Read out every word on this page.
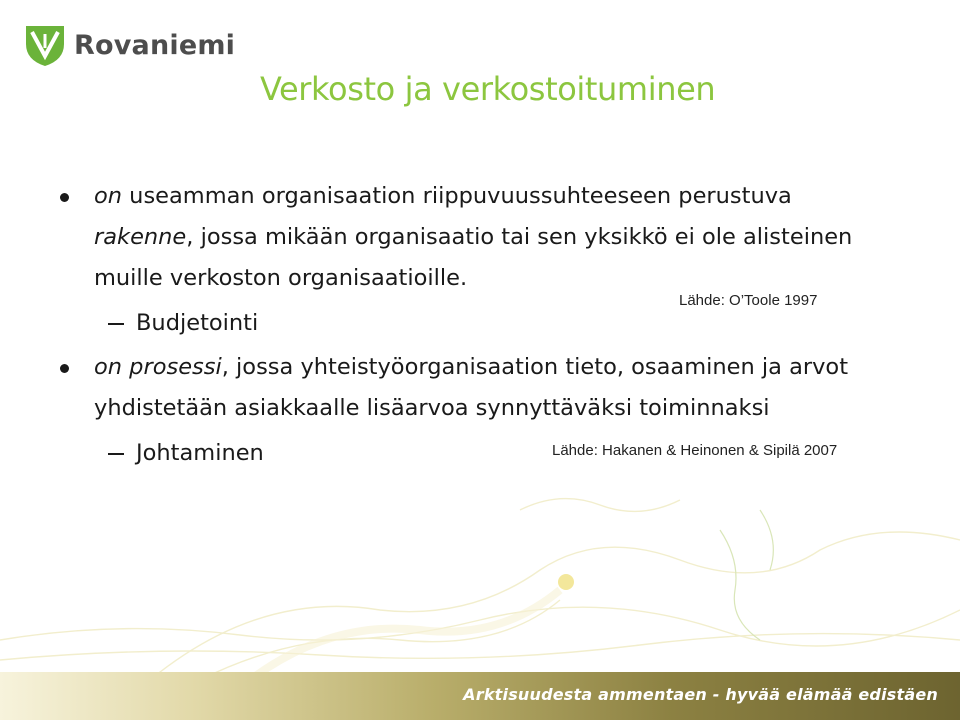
Rovaniemi
Verkosto ja verkostoituminen
on useamman organisaation riippuvuussuhteeseen perustuva rakenne, jossa mikään organisaatio tai sen yksikkö ei ole alisteinen muille verkoston organisaatioille.
Budjetointi
on prosessi, jossa yhteistyöorganisaation tieto, osaaminen ja arvot yhdistetään asiakkaalle lisäarvoa synnyttäväksi toiminnaksi
Johtaminen
Lähde: O’Toole 1997
Lähde: Hakanen & Heinonen & Sipilä 2007
Arktisuudesta ammentaen - hyvää elämää edistäen
